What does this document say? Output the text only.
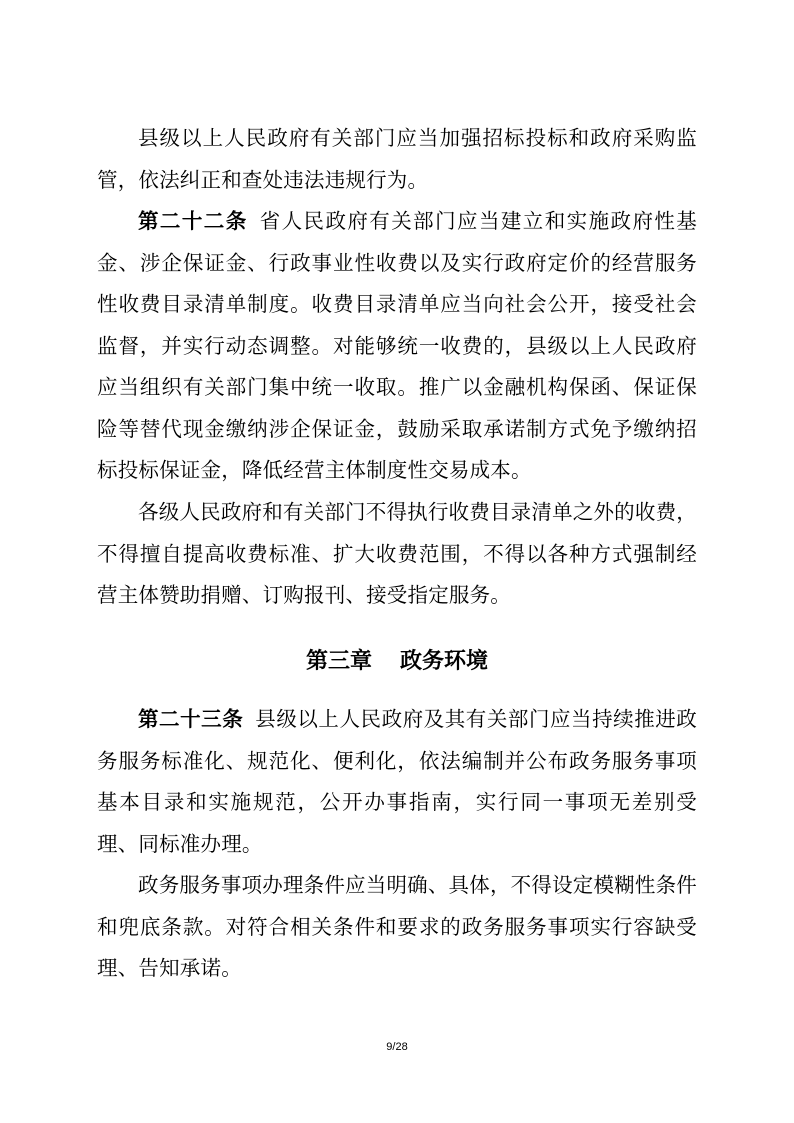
县级以上人民政府有关部门应当加强招标投标和政府采购监管，依法纠正和查处违法违规行为。

第二十二条 省人民政府有关部门应当建立和实施政府性基金、涉企保证金、行政事业性收费以及实行政府定价的经营服务性收费目录清单制度。收费目录清单应当向社会公开，接受社会监督，并实行动态调整。对能够统一收费的，县级以上人民政府应当组织有关部门集中统一收取。推广以金融机构保函、保证保险等替代现金缴纳涉企保证金，鼓励采取承诺制方式免予缴纳招标投标保证金，降低经营主体制度性交易成本。

各级人民政府和有关部门不得执行收费目录清单之外的收费，不得擅自提高收费标准、扩大收费范围，不得以各种方式强制经营主体赞助捐赠、订购报刊、接受指定服务。

第三章 政务环境

第二十三条 县级以上人民政府及其有关部门应当持续推进政务服务标准化、规范化、便利化，依法编制并公布政务服务事项基本目录和实施规范，公开办事指南，实行同一事项无差别受理、同标准办理。

政务服务事项办理条件应当明确、具体，不得设定模糊性条件和兜底条款。对符合相关条件和要求的政务服务事项实行容缺受理、告知承诺。

9/28
